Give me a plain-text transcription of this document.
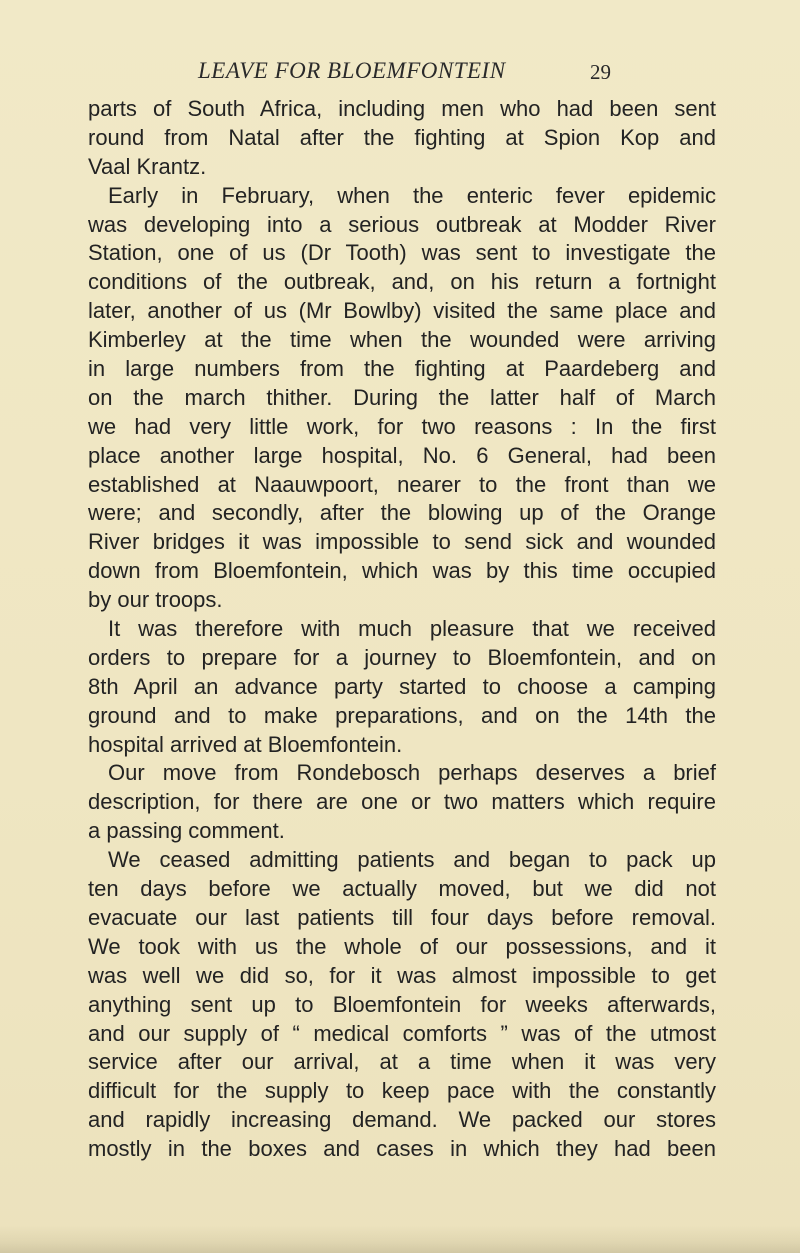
LEAVE FOR BLOEMFONTEIN	29
parts of South Africa, including men who had been sent
round from Natal after the fighting at Spion Kop and
Vaal Krantz.
Early in February, when the enteric fever epidemic
was developing into a serious outbreak at Modder River
Station, one of us (Dr Tooth) was sent to investigate the
conditions of the outbreak, and, on his return a fortnight
later, another of us (Mr Bowlby) visited the same place and
Kimberley at the time when the wounded were arriving
in large numbers from the fighting at Paardeberg and
on the march thither. During the latter half of March
we had very little work, for two reasons : In the first
place another large hospital, No. 6 General, had been
established at Naauwpoort, nearer to the front than we
were; and secondly, after the blowing up of the Orange
River bridges it was impossible to send sick and wounded
down from Bloemfontein, which was by this time occupied
by our troops.
It was therefore with much pleasure that we received
orders to prepare for a journey to Bloemfontein, and on
8th April an advance party started to choose a camping
ground and to make preparations, and on the 14th the
hospital arrived at Bloemfontein.
Our move from Rondebosch perhaps deserves a brief
description, for there are one or two matters which require
a passing comment.
We ceased admitting patients and began to pack up
ten days before we actually moved, but we did not
evacuate our last patients till four days before removal.
We took with us the whole of our possessions, and it
was well we did so, for it was almost impossible to get
anything sent up to Bloemfontein for weeks afterwards,
and our supply of “ medical comforts ” was of the utmost
service after our arrival, at a time when it was very
difficult for the supply to keep pace with the constantly
and rapidly increasing demand. We packed our stores
mostly in the boxes and cases in which they had been
